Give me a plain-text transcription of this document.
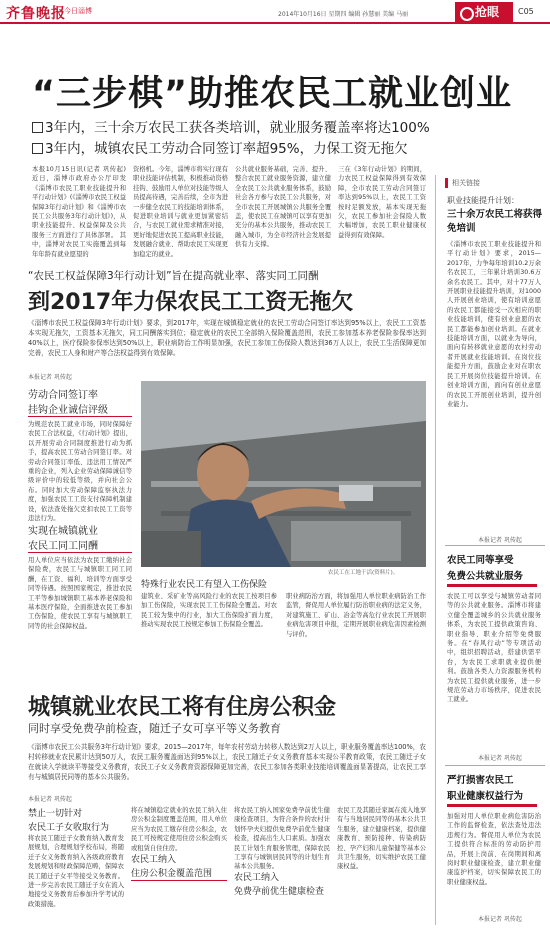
齐鲁晚报
今日淄博	2014年10月16日 星期四 编辑 孙慧丽 美编 马丽	抢眼	C05
“三步棋”助推农民工就业创业
3年内，三十余万农民工获各类培训，就业服务覆盖率将达100%
3年内，城镇农民工劳动合同签订率超95%，力保工资无拖欠
本报10月15日讯(记者 巩传起) 近日，淄博市政府办公厅印发《淄博市农民工职业技能提升和平行动计划》(《淄博市农民工权益保障3年行动计划》和《淄博市农民工公共服务3年行动计划》)，从职业技能提升、权益保障及公共服务三方面进行了具体部署。 其中，淄博对农民工实施覆盖到每年年龄有就业愿望的
资格机。今年，淄博市将实行现有职业技能评估机制，积极推动资格挂钩、鼓励用人单位对技能等级人员提高待遇，完善后续，全市为进一步健全农民工的技能培训体系，促进职业培训与就业更加紧密结合，与农民工就业需求精准对接，更好地促进农民工提高职业技能，发展融合就业、帮助农民工实现更加稳定的就业。
公共就业服务基础，完善、提升、整合农民工就业服务资源，建立健全农民工公共就业服务体系，鼓励社会各方参与农民工公共服务，对全市农民工开展城镇公共服务全覆盖，使农民工在城镇可以享有更加充分的基本公共服务，推动农民工融入城市，为全市经济社会发展提供有力支撑。
三在《3年行动计划》的期间，力农民工权益保障得到有效保障，全市农民工劳动合同签订率达到95%以上，农民工工资按时足额发放，基本实现无拖欠，农民工参加社会保险人数大幅增加，农民工职业健康权益得到有效保障。
相关链接
职业技能提升计划：
三十余万农民工将获得免培训
《淄博市农民工职业技能提升和平行动计划》要求，2015—2017年，力争每年培训10.2万余名农民工，三年累计培训30.6万余名农民工。其中，对十77万人开展职业技能提升培训，对1000人开展创业培训，使有培训意愿的农民工都能接受一次相应的职业技能培训，使有创业意愿的农民工都能参加创业培训。在就业技能培训方面，以就业为导向，面向有转移就业意愿的农村劳动者开展就业技能培训。在岗位技能提升方面，鼓励企业对在职农民工开展岗位技能提升培训。在创业培训方面，面向有创业意愿的农民工开展创业培训，提升创业能力。
本报记者 巩传起
农民工同等享受
免费公共就业服务
农民工可以享受与城镇劳动者同等的公共就业服务。淄博市将建立健全覆盖城乡的公共就业服务体系，为农民工提供政策咨询、职业指导、职业介绍等免费服务。在“春风行动”等专项活动中，组织招聘活动，搭建供需平台，为农民工求职就业提供便利。鼓励各类人力资源服务机构为农民工提供就业服务，进一步规范劳动力市场秩序，促进农民工就业。
本报记者 巩传起
严打损害农民工
职业健康权益行为
加强对用人单位职业病危害防治工作的监督检查，依法查处违法违规行为。督促用人单位为农民工提供符合标准的劳动防护用品，开展上岗前、在岗期间和离岗时职业健康检查，建立职业健康监护档案，切实保障农民工的职业健康权益。
本报记者 巩传起
“农民工权益保障3年行动计划”旨在提高就业率、落实同工同酬
到2017年力保农民工工资无拖欠
《淄博市农民工权益保障3年行动计划》要求，到2017年，实现在城镇稳定就业的农民工劳动合同签订率达到95%以上，农民工工资基本实现无拖欠，工资基本无拖欠，同工同酬落实到位；稳定就业的农民工全部纳入保险覆盖范围，农民工参加基本养老保险参保率达到40%以上，医疗保险参保率达到50%以上，职业病防治工作明显加强，农民工参加工伤保险人数达到36万人以上，农民工生活保障更加完善，农民工人身和财产等合法权益得到有效保障。
本报记者 巩传起
劳动合同签订率
挂钩企业诚信评级
为规范农民工就业市场，同时保障好农民工合法权益，《行动计划》提出，以开展劳动合同制度推进行动为抓手，提高农民工劳动合同签订率。对劳动合同签订率低、违法用工情况严重的企业，列入企业劳动保障诚信等级评价中的较低等级，并向社会公布。同时加大劳动保障监察执法力度，加强农民工工资支付保障机制建设，依法查处拖欠克扣农民工工资等违法行为。
实现在城镇就业
农民工同工同酬
用人单位应当依法为农民工缴纳社会保险费，农民工与城镇职工同工同酬，在工资、福利、培训等方面享受同等待遇。按照国家规定，推进农民工平等参加城镇职工基本养老保险和基本医疗保险，全面推进农民工参加工伤保险，使农民工享有与城镇职工同等的社会保障权益。
农民工在工地干活(资料片)。
特殊行业农民工有望入工伤保险
建筑业、采矿业等高风险行业的农民工按项目参加工伤保险，实现农民工工伤保险全覆盖。对农民工较为集中的行业，加大工伤保险扩面力度，推动实现农民工按规定参加工伤保险全覆盖。
职业病防治方面，将加强用人单位职业病防治工作监管，督促用人单位履行防治职业病的法定义务，对建筑施工、矿山、冶金等高危行业农民工开展职业病危害项目申报，定期开展职业病危害因素检测与评价。
城镇就业农民工将有住房公积金
同时享受免费孕前检查，随迁子女可享平等义务教育
《淄博市农民工公共服务3年行动计划》要求，2015—2017年，每年农村劳动力转移人数达到2万人以上，职业服务覆盖率达100%，农村转移就业农民累计达到50万人，农民工服务覆盖面达到95%以上，农民工随迁子女义务教育基本实现公平教育政策，农民工随迁子女在就读入学就读平等接受义务教育，农民工子女义务教育资源保障更加完善，农民工参加各类职业技能培训覆盖面显著提高，让农民工享有与城镇居民同等的基本公共服务。
本报记者 巩传起
禁止一切针对
农民工子女收取行为
将农民工随迁子女教育纳入教育发展规划，合理规划学校布局，将随迁子女义务教育纳入各级政府教育发展规划和财政保障范畴，保障农民工随迁子女平等接受义务教育。进一步完善农民工随迁子女在流入地接受义务教育后参加升学考试的政策措施。
将在城镇稳定就业的农民工纳入住房公积金制度覆盖范围，用人单位应当为农民工缴存住房公积金，农民工可按规定使用住房公积金购买或租赁自住住房。
农民工纳入
住房公积金覆盖范围
将农民工纳入国家免费孕前优生健康检查项目，为符合条件的农村计划怀孕夫妇提供免费孕前优生健康检查，提高出生人口素质。加强农民工计划生育服务管理，保障农民工享有与城镇居民同等的计划生育基本公共服务。
农民工纳入
免费孕前优生健康检查
农民工及其随迁家属在流入地享有与当地居民同等的基本公共卫生服务，建立健康档案，提供健康教育、预防接种、传染病防控、孕产妇和儿童保健等基本公共卫生服务，切实维护农民工健康权益。
